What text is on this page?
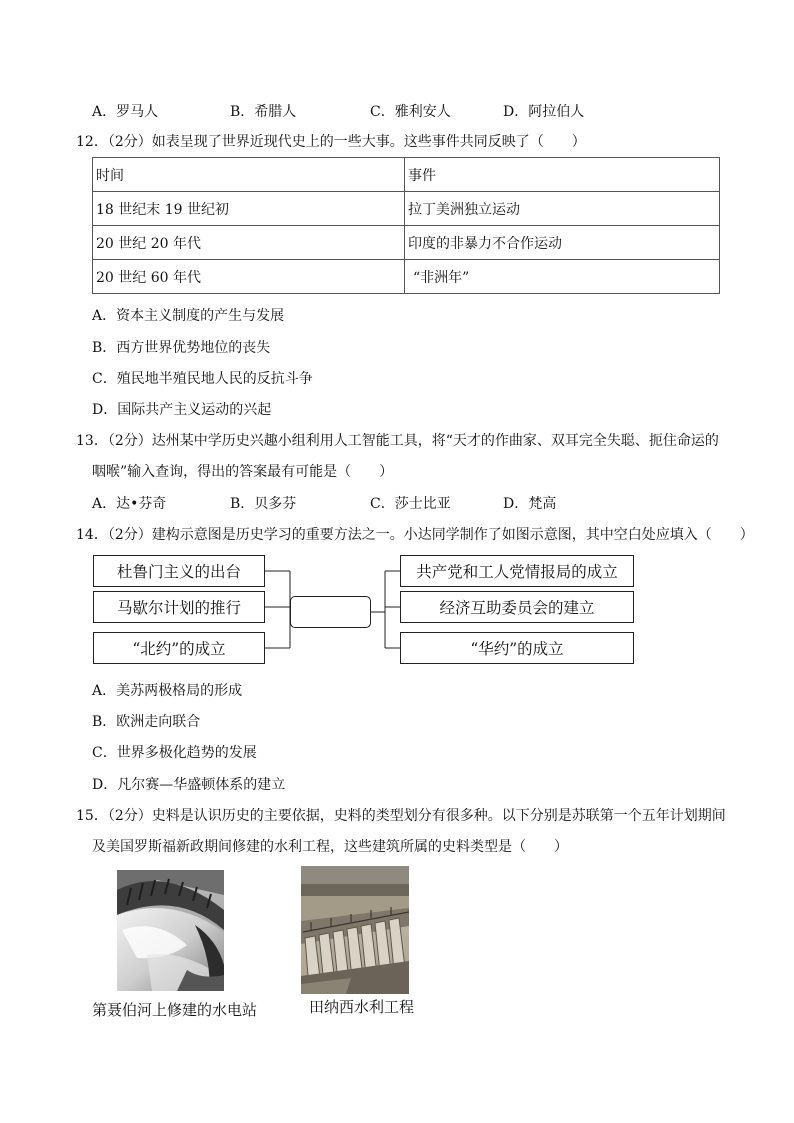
A．罗马人	B．希腊人	C．雅利安人	D．阿拉伯人
12．（2分）如表呈现了世界近现代史上的一些大事。这些事件共同反映了（　　）
时间	事件
18 世纪末 19 世纪初	拉丁美洲独立运动
20 世纪 20 年代	印度的非暴力不合作运动
20 世纪 60 年代	“非洲年”
A．资本主义制度的产生与发展
B．西方世界优势地位的丧失
C．殖民地半殖民地人民的反抗斗争
D．国际共产主义运动的兴起
13．（2分）达州某中学历史兴趣小组利用人工智能工具，将“天才的作曲家、双耳完全失聪、扼住命运的
咽喉”输入查询，得出的答案最有可能是（　　）
A．达•芬奇	B．贝多芬	C．莎士比亚	D．梵高
14．（2分）建构示意图是历史学习的重要方法之一。小达同学制作了如图示意图，其中空白处应填入（　　）
杜鲁门主义的出台
马歇尔计划的推行
“北约”的成立
共产党和工人党情报局的成立
经济互助委员会的建立
“华约”的成立
A．美苏两极格局的形成
B．欧洲走向联合
C．世界多极化趋势的发展
D．凡尔赛—华盛顿体系的建立
15．（2分）史料是认识历史的主要依据，史料的类型划分有很多种。以下分别是苏联第一个五年计划期间
及美国罗斯福新政期间修建的水利工程，这些建筑所属的史料类型是（　　）
第聂伯河上修建的水电站	田纳西水利工程
